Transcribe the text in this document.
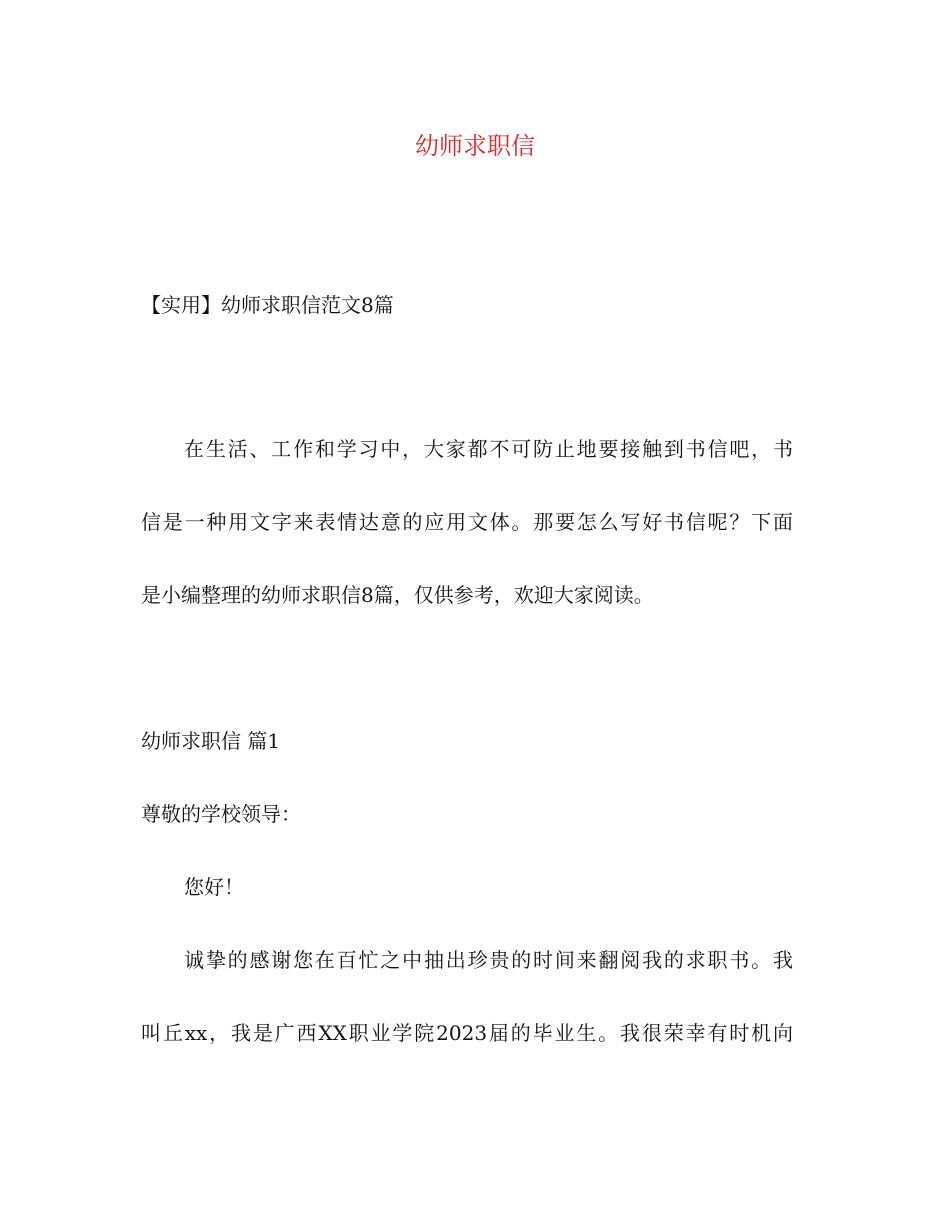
幼师求职信

【实用】幼师求职信范文8篇

在生活、工作和学习中，大家都不可防止地要接触到书信吧，书

信是一种用文字来表情达意的应用文体。那要怎么写好书信呢？下面

是小编整理的幼师求职信8篇，仅供参考，欢迎大家阅读。

幼师求职信 篇1

尊敬的学校领导：

您好！

诚挚的感谢您在百忙之中抽出珍贵的时间来翻阅我的求职书。我

叫丘xx，我是广西XX职业学院2023届的毕业生。我很荣幸有时机向
